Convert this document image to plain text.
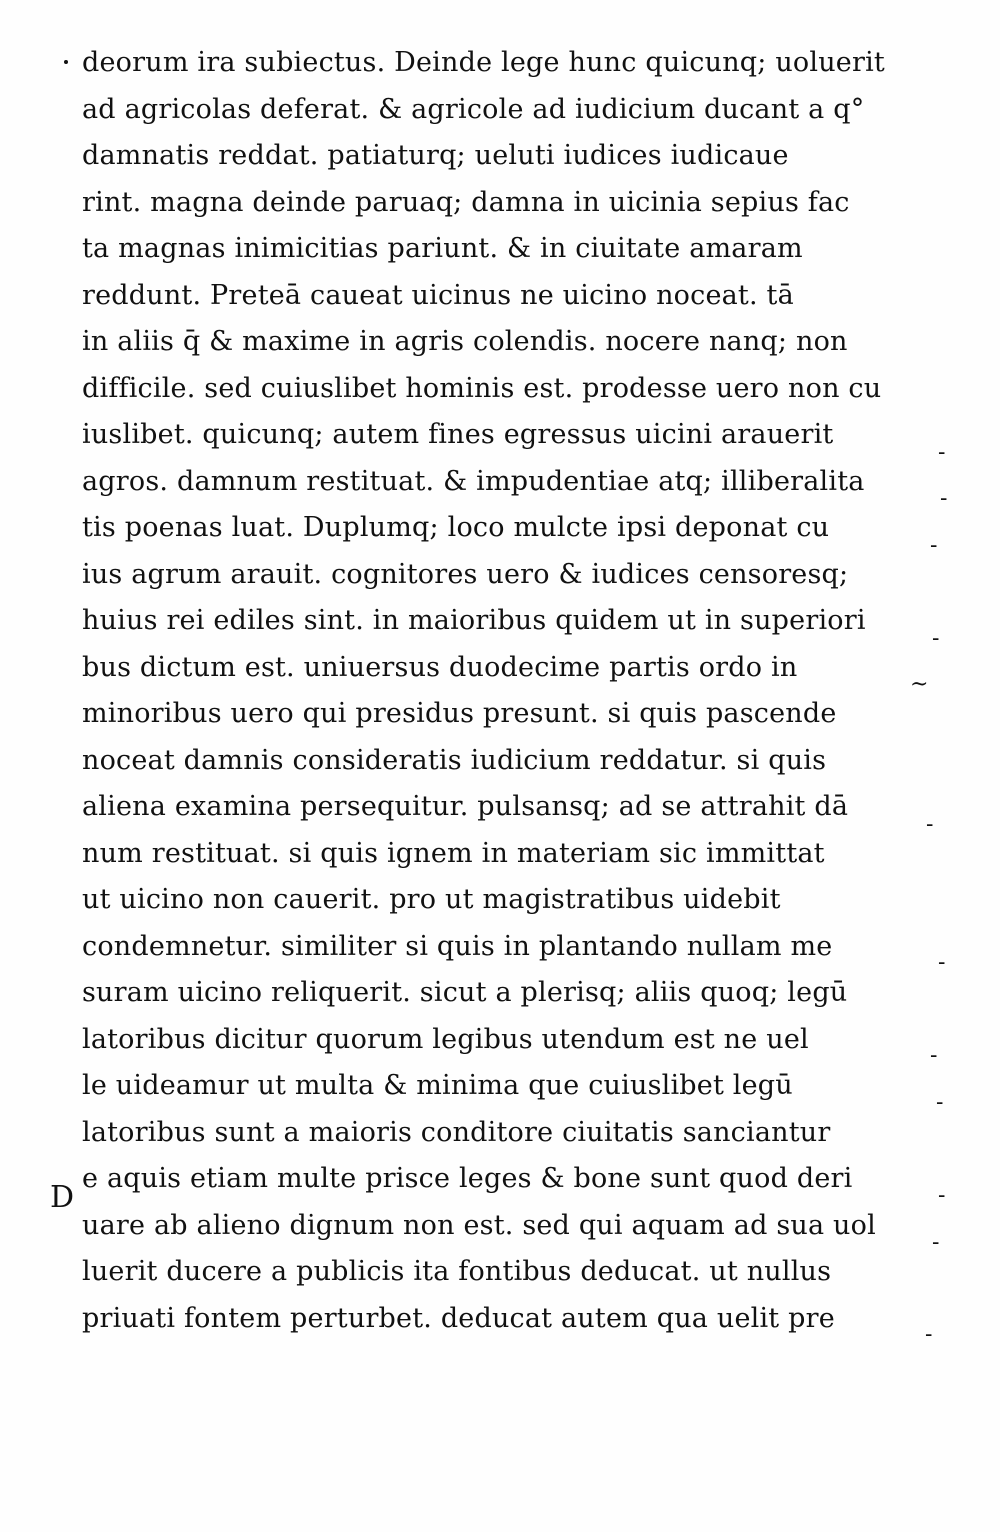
deorum ira subiectus. Deinde lege hunc quicunq; uoluerit
ad agricolas deferat. & agricole ad iudicium ducant a q°
damnatis reddat. patiaturq; ueluti iudices iudicaue
rint. magna deinde paruaq; damna in uicinia sepius fac
ta magnas inimicitias pariunt. & in ciuitate amaram
reddunt. Preteā caueat uicinus ne uicino noceat. tā
in aliis q̄ & maxime in agris colendis. nocere nanq; non
difficile. sed cuiuslibet hominis est. prodesse uero non cu
iuslibet. quicunq; autem fines egressus uicini arauerit
agros. damnum restituat. & impudentiae atq; illiberalita
tis poenas luat. Duplumq; loco mulcte ipsi deponat cu
ius agrum arauit. cognitores uero & iudices censoresq;
huius rei ediles sint. in maioribus quidem ut in superiori
bus dictum est. uniuersus duodecime partis ordo in
minoribus uero qui presidus presunt. si quis pascende
noceat damnis consideratis iudicium reddatur. si quis
aliena examina persequitur. pulsansq; ad se attrahit dā
num restituat. si quis ignem in materiam sic immittat
ut uicino non cauerit. pro ut magistratibus uidebit
condemnetur. similiter si quis in plantando nullam me
suram uicino reliquerit. sicut a plerisq; aliis quoq; legū
latoribus dicitur quorum legibus utendum est ne uel
le uideamur ut multa & minima que cuiuslibet legū
latoribus sunt a maioris conditore ciuitatis sanciantur
e aquis etiam multe prisce leges & bone sunt quod deri
uare ab alieno dignum non est. sed qui aquam ad sua uol
luerit ducere a publicis ita fontibus deducat. ut nullus
priuati fontem perturbet. deducat autem qua uelit pre
D
-
-
-
-
~
-
-
-
-
-
-
-
